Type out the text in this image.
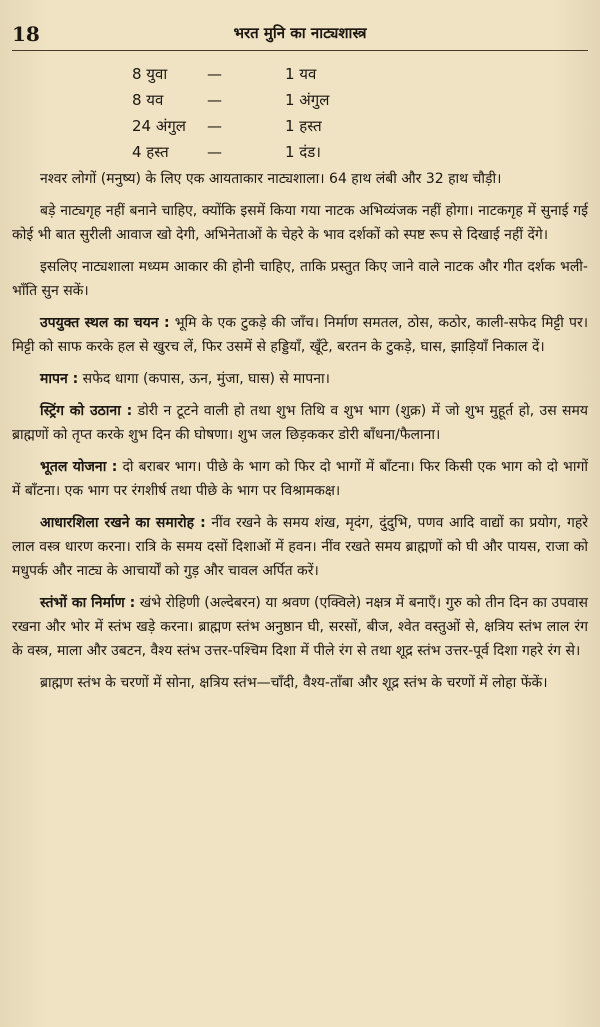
18	भरत मुनि का नाट्यशास्त्र
8 युवा	—	1 यव
8 यव	—	1 अंगुल
24 अंगुल	—	1 हस्त
4 हस्त	—	1 दंड।

नश्वर लोगों (मनुष्य) के लिए एक आयताकार नाट्यशाला। 64 हाथ लंबी और 32 हाथ चौड़ी।

बड़े नाट्यगृह नहीं बनाने चाहिए, क्योंकि इसमें किया गया नाटक अभिव्यंजक नहीं होगा। नाटकगृह में सुनाई गई कोई भी बात सुरीली आवाज खो देगी, अभिनेताओं के चेहरे के भाव दर्शकों को स्पष्ट रूप से दिखाई नहीं देंगे।

इसलिए नाट्यशाला मध्यम आकार की होनी चाहिए, ताकि प्रस्तुत किए जाने वाले नाटक और गीत दर्शक भली-भाँति सुन सकें।

उपयुक्त स्थल का चयन : भूमि के एक टुकड़े की जाँच। निर्माण समतल, ठोस, कठोर, काली-सफेद मिट्टी पर। मिट्टी को साफ करके हल से खुरच लें, फिर उसमें से हड्डियाँ, खूँटे, बरतन के टुकड़े, घास, झाड़ियाँ निकाल दें।

मापन : सफेद धागा (कपास, ऊन, मुंजा, घास) से मापना।

स्ट्रिंग को उठाना : डोरी न टूटने वाली हो तथा शुभ तिथि व शुभ भाग (शुक्र) में जो शुभ मुहूर्त हो, उस समय ब्राह्मणों को तृप्त करके शुभ दिन की घोषणा। शुभ जल छिड़ककर डोरी बाँधना/फैलाना।

भूतल योजना : दो बराबर भाग। पीछे के भाग को फिर दो भागों में बाँटना। फिर किसी एक भाग को दो भागों में बाँटना। एक भाग पर रंगशीर्ष तथा पीछे के भाग पर विश्रामकक्ष।

आधारशिला रखने का समारोह : नींव रखने के समय शंख, मृदंग, दुंदुभि, पणव आदि वाद्यों का प्रयोग, गहरे लाल वस्त्र धारण करना। रात्रि के समय दसों दिशाओं में हवन। नींव रखते समय ब्राह्मणों को घी और पायस, राजा को मधुपर्क और नाट्य के आचार्यों को गुड़ और चावल अर्पित करें।

स्तंभों का निर्माण : खंभे रोहिणी (अल्देबरन) या श्रवण (एक्विले) नक्षत्र में बनाएँ। गुरु को तीन दिन का उपवास रखना और भोर में स्तंभ खड़े करना। ब्राह्मण स्तंभ अनुष्ठान घी, सरसों, बीज, श्वेत वस्तुओं से, क्षत्रिय स्तंभ लाल रंग के वस्त्र, माला और उबटन, वैश्य स्तंभ उत्तर-पश्चिम दिशा में पीले रंग से तथा शूद्र स्तंभ उत्तर-पूर्व दिशा गहरे रंग से।

ब्राह्मण स्तंभ के चरणों में सोना, क्षत्रिय स्तंभ—चाँदी, वैश्य-ताँबा और शूद्र स्तंभ के चरणों में लोहा फेंकें।
